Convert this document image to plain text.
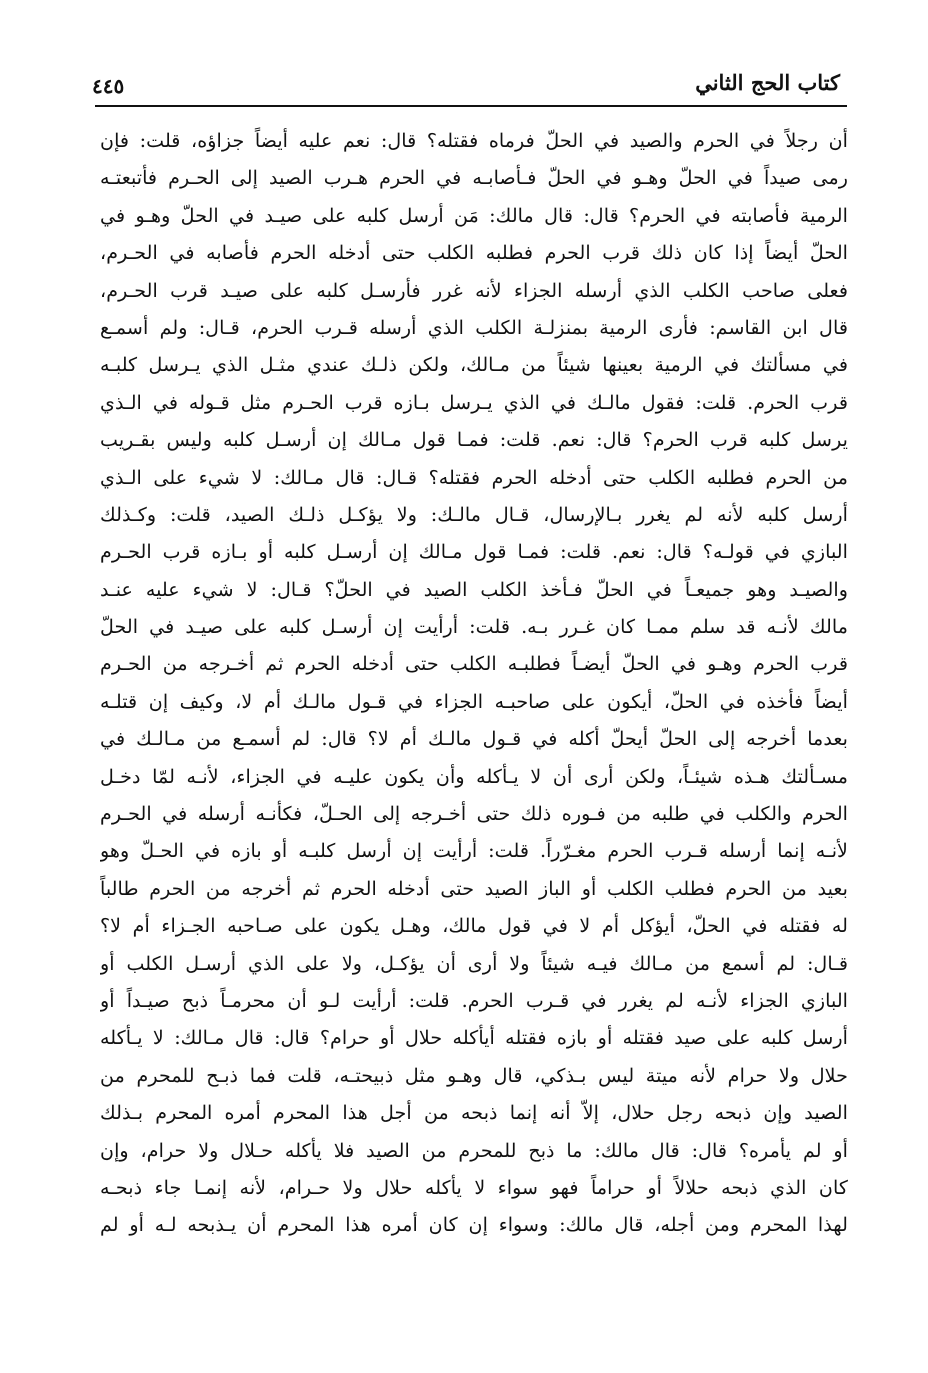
كتاب الحج الثاني
٤٤٥
أن رجلاً في الحرم والصيد في الحلّ فرماه فقتله؟ قال: نعم عليه أيضاً جزاؤه، قلت: فإن
رمى صيداً في الحلّ وهـو في الحلّ فـأصابـه في الحرم هـرب الصيد إلى الحـرم فأتبعتـه
الرمية فأصابته في الحرم؟ قال: قال مالك: مَن أرسل كلبه على صيـد في الحلّ وهـو في
الحلّ أيضاً إذا كان ذلك قرب الحرم فطلبه الكلب حتى أدخله الحرم فأصابه في الحـرم،
فعلى صاحب الكلب الذي أرسله الجزاء لأنه غرر فأرسـل كلبه على صيـد قرب الحـرم،
قال ابن القاسم: فأرى الرمية بمنزلـة الكلب الذي أرسله قـرب الحرم، قـال: ولم أسمـع
في مسألتك في الرمية بعينها شيئاً من مـالك، ولكن ذلـك عندي مثـل الذي يـرسل كلبـه
قرب الحرم. قلت: فقول مالـك في الذي يـرسل بـازه قرب الحـرم مثل قـوله في الـذي
يرسل كلبه قرب الحرم؟ قال: نعم. قلت: فمـا قول مـالك إن أرسـل كلبه وليس بقـريب
من الحرم فطلبه الكلب حتى أدخله الحرم فقتله؟ قـال: قال مـالك: لا شيء على الـذي
أرسل كلبه لأنه لم يغرر بـالإرسال، قـال مالـك: ولا يؤكـل ذلـك الصيد، قلت: وكـذلك
البازي في قولـه؟ قال: نعم. قلت: فمـا قول مـالك إن أرسـل كلبه أو بـازه قرب الحـرم
والصيـد وهو جميعـاً في الحلّ فـأخذ الكلب الصيد في الحلّ؟ قـال: لا شيء عليه عنـد
مالك لأنـه قد سلم ممـا كان غـرر بـه. قلت: أرأيت إن أرسـل كلبه على صيـد في الحلّ
قرب الحرم وهـو في الحلّ أيضـاً فطلبـه الكلب حتى أدخله الحرم ثم أخـرجه من الحـرم
أيضاً فأخذه في الحلّ، أيكون على صاحبـه الجزاء في قـول مالـك أم لا، وكيف إن قتلـه
بعدما أخرجه إلى الحلّ أيحلّ أكله في قـول مالـك أم لا؟ قال: لم أسمـع من مـالـك في
مسـألتك هـذه شيئـاً، ولكن أرى أن لا يـأكله وأن يكون عليـه في الجزاء، لأنـه لمّا دخـل
الحرم والكلب في طلبه من فـوره ذلك حتى أخـرجه إلى الحـلّ، فكأنـه أرسله في الحـرم
لأنـه إنما أرسله قـرب الحرم مغـرّراً. قلت: أرأيت إن أرسل كلبـه أو بازه في الحـلّ وهو
بعيد من الحرم فطلب الكلب أو الباز الصيد حتى أدخله الحرم ثم أخرجه من الحرم طالباً
له فقتله في الحلّ، أيؤكل أم لا في قول مالك، وهـل يكون على صـاحبه الجـزاء أم لا؟
قـال: لم أسمع من مـالك فيـه شيئاً ولا أرى أن يؤكـل، ولا على الذي أرسـل الكلب أو
البازي الجزاء لأنـه لم يغرر في قـرب الحرم. قلت: أرأيت لـو أن محرمـاً ذبح صيـداً أو
أرسل كلبه على صيد فقتله أو بازه فقتله أيأكله حلال أو حرام؟ قال: قال مـالك: لا يـأكله
حلال ولا حرام لأنه ميتة ليس بـذكي، قال وهـو مثل ذبيحتـه، قلت فما ذبـح للمحرم من
الصيد وإن ذبحه رجل حلال، إلاّ أنه إنما ذبحه من أجل هذا المحرم أمره المحرم بـذلك
أو لم يأمره؟ قال: قال مالك: ما ذبح للمحرم من الصيد فلا يأكله حـلال ولا حرام، وإن
كان الذي ذبحه حلالاً أو حراماً فهو سواء لا يأكله حلال ولا حـرام، لأنه إنمـا جاء ذبحـه
لهذا المحرم ومن أجله، قال مالك: وسواء إن كان أمره هذا المحرم أن يـذبحه لـه أو لم
